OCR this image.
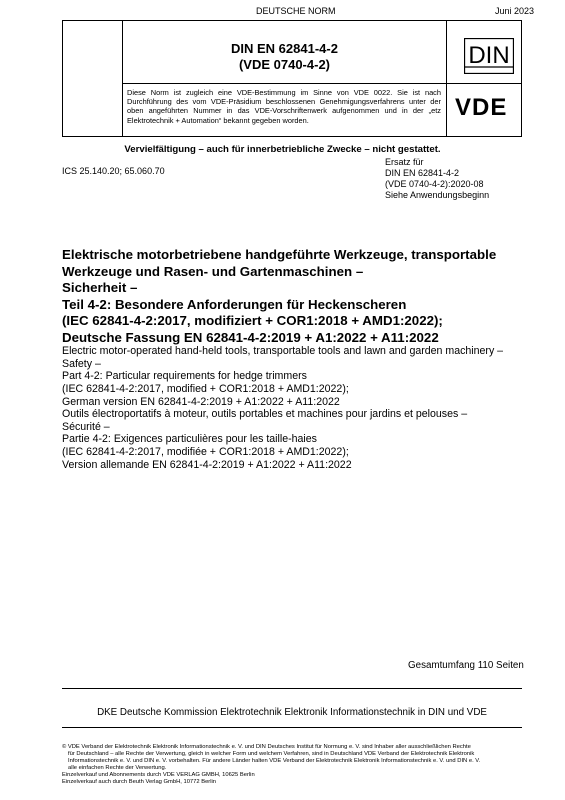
DEUTSCHE NORM	Juni 2023
DIN EN 62841-4-2
(VDE 0740-4-2)	DIN
Diese Norm ist zugleich eine VDE-Bestimmung im Sinne von VDE 0022. Sie ist nach Durchführung des vom VDE-Präsidium beschlossenen Genehmigungsverfahrens unter der oben angeführten Nummer in das VDE-Vorschriftenwerk aufgenommen und in der „etz Elektrotechnik + Automation“ bekannt gegeben worden.	VDE
Vervielfältigung – auch für innerbetriebliche Zwecke – nicht gestattet.
ICS 25.140.20; 65.060.70
Ersatz für
DIN EN 62841-4-2
(VDE 0740-4-2):2020-08
Siehe Anwendungsbeginn
Elektrische motorbetriebene handgeführte Werkzeuge, transportable
Werkzeuge und Rasen- und Gartenmaschinen –
Sicherheit –
Teil 4-2: Besondere Anforderungen für Heckenscheren
(IEC 62841-4-2:2017, modifiziert + COR1:2018 + AMD1:2022);
Deutsche Fassung EN 62841-4-2:2019 + A1:2022 + A11:2022
Electric motor-operated hand-held tools, transportable tools and lawn and garden machinery –
Safety –
Part 4-2: Particular requirements for hedge trimmers
(IEC 62841-4-2:2017, modified + COR1:2018 + AMD1:2022);
German version EN 62841-4-2:2019 + A1:2022 + A11:2022
Outils électroportatifs à moteur, outils portables et machines pour jardins et pelouses –
Sécurité –
Partie 4-2: Exigences particulières pour les taille-haies
(IEC 62841-4-2:2017, modifiée + COR1:2018 + AMD1:2022);
Version allemande EN 62841-4-2:2019 + A1:2022 + A11:2022
Gesamtumfang 110 Seiten
DKE Deutsche Kommission Elektrotechnik Elektronik Informationstechnik in DIN und VDE
© VDE Verband der Elektrotechnik Elektronik Informationstechnik e. V. und DIN Deutsches Institut für Normung e. V. sind Inhaber aller ausschließlichen Rechte
für Deutschland – alle Rechte der Verwertung, gleich in welcher Form und welchem Verfahren, sind in Deutschland VDE Verband der Elektrotechnik Elektronik
Informationstechnik e. V. und DIN e. V. vorbehalten. Für andere Länder halten VDE Verband der Elektrotechnik Elektronik Informationstechnik e. V. und DIN e. V.
alle einfachen Rechte der Verwertung.
Einzelverkauf und Abonnements durch VDE VERLAG GMBH, 10625 Berlin
Einzelverkauf auch durch Beuth Verlag GmbH, 10772 Berlin
